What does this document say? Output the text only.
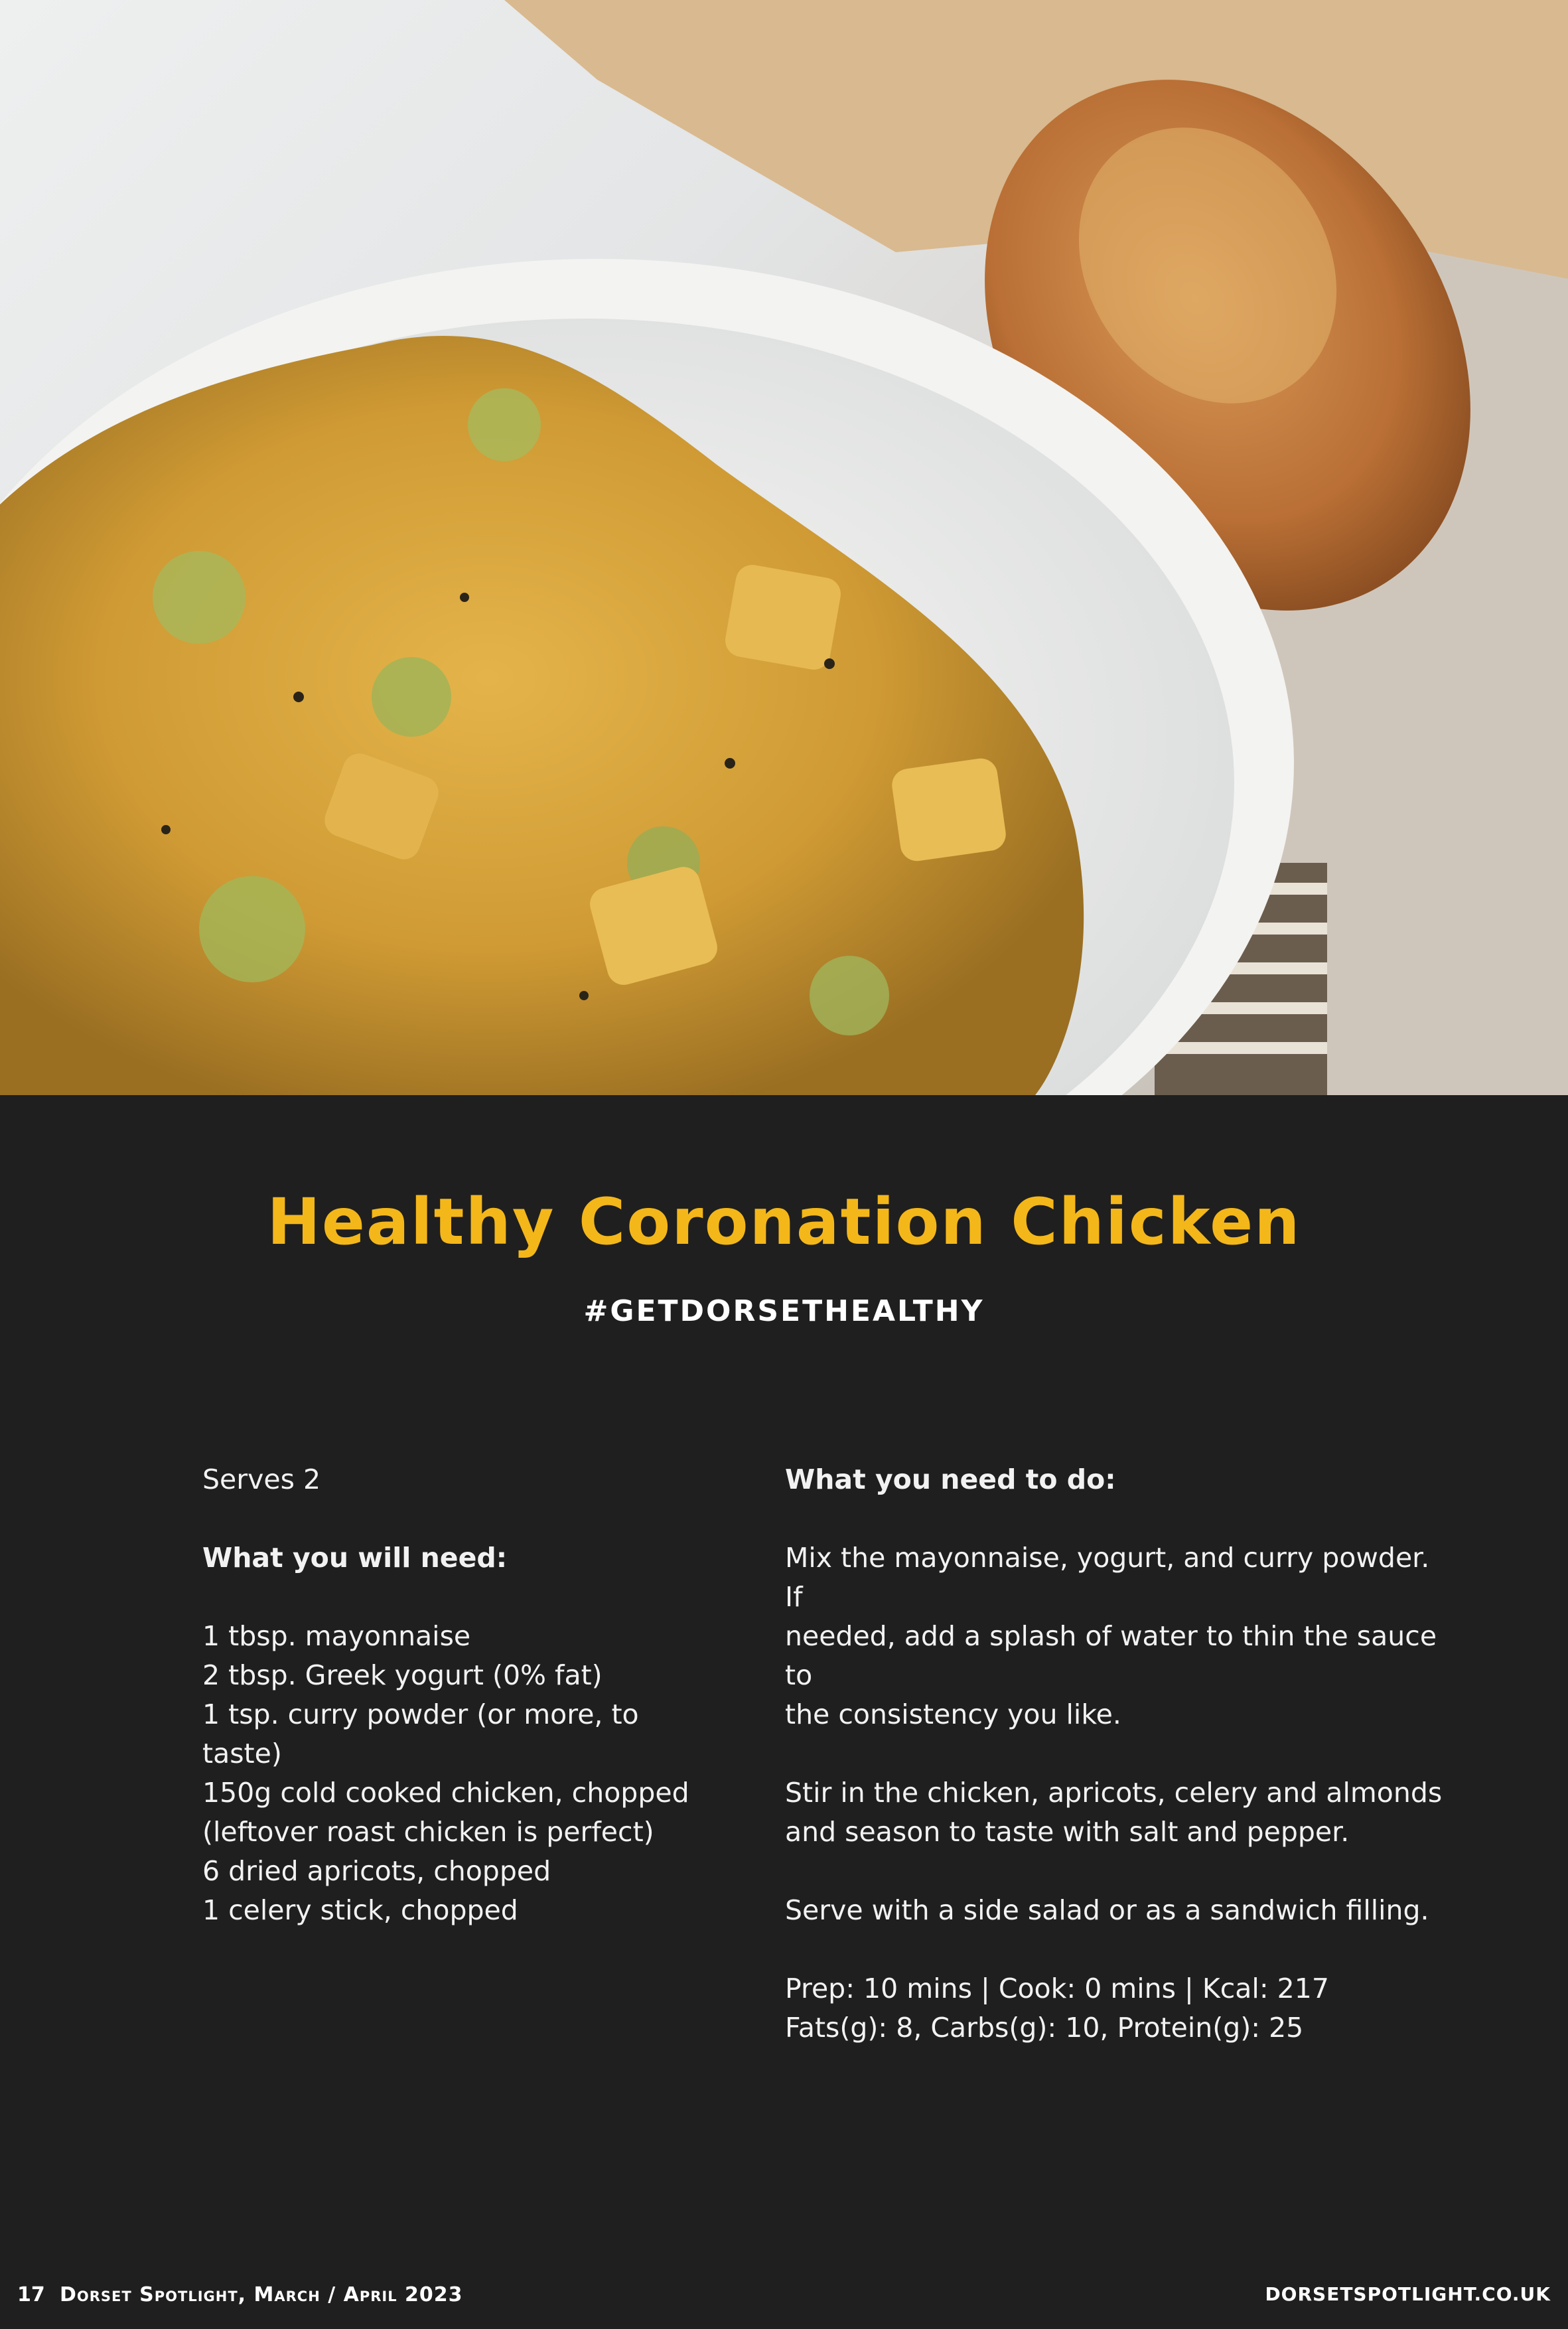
Healthy Coronation Chicken
#GETDORSETHEALTHY

Serves 2

What you will need:

1 tbsp. mayonnaise

2 tbsp. Greek yogurt (0% fat)

1 tsp. curry powder (or more, to

taste)

150g cold cooked chicken, chopped

(leftover roast chicken is perfect)

6 dried apricots, chopped

1 celery stick, chopped

What you need to do:

Mix the mayonnaise, yogurt, and curry powder. If

needed, add a splash of water to thin the sauce to

the consistency you like.

Stir in the chicken, apricots, celery and almonds

and season to taste with salt and pepper.

Serve with a side salad or as a sandwich filling.

Prep: 10 mins | Cook: 0 mins | Kcal: 217

Fats(g): 8, Carbs(g): 10, Protein(g): 25

17 Dorset Spotlight, March / April 2023	DORSETSPOTLIGHT.CO.UK
